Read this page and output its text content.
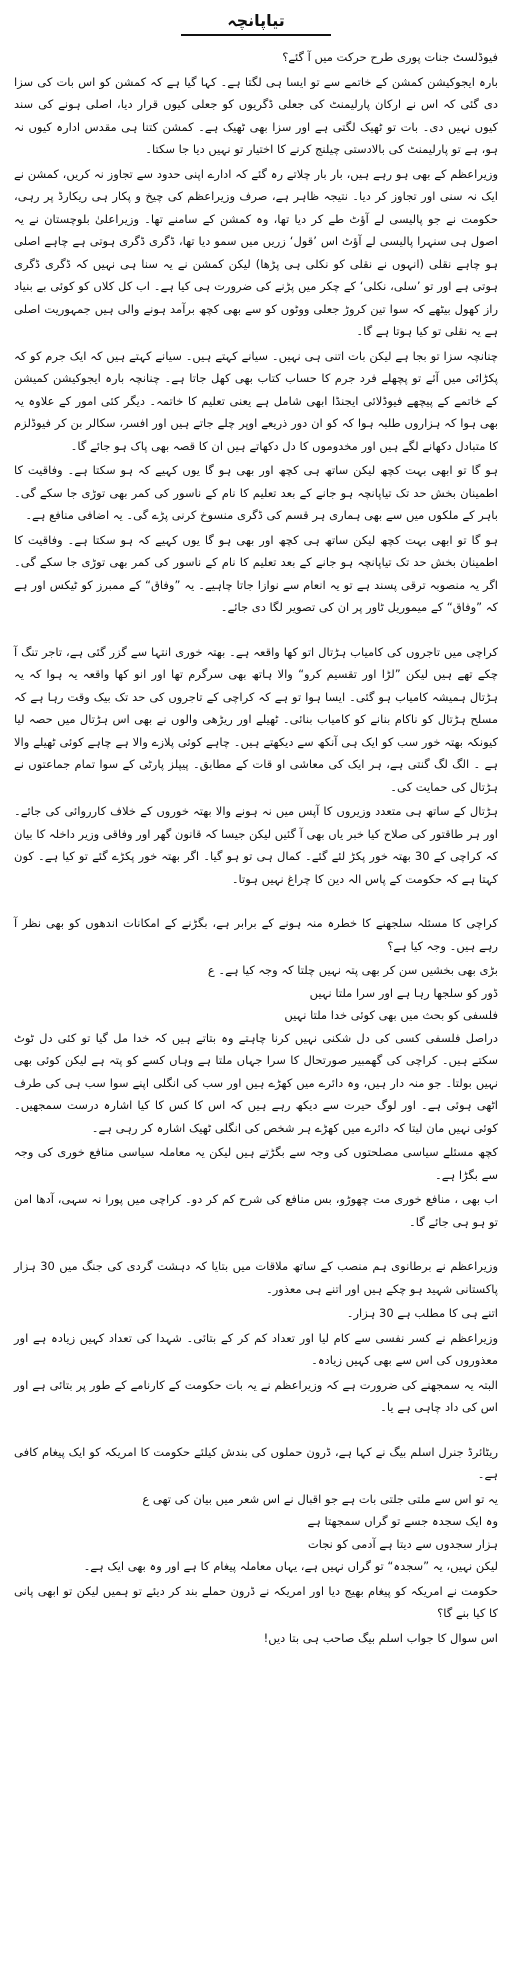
تیاپانچہ

فیوڈلسٹ جنات پوری طرح حرکت میں آ گئے؟

بارہ ایجوکیشن کمشن کے خاتمے سے تو ایسا ہی لگتا ہے۔ کہا گیا ہے کہ کمشن کو اس بات کی سزا دی گئی کہ اس نے ارکان پارلیمنٹ کی جعلی ڈگریوں کو جعلی کیوں قرار دیا، اصلی ہونے کی سند کیوں نہیں دی۔ بات تو ٹھیک لگتی ہے اور سزا بھی ٹھیک ہے۔ کمشن کتنا ہی مقدس ادارہ کیوں نہ ہو، ہے تو پارلیمنٹ کی بالادستی چیلنج کرنے کا اختیار تو نہیں دیا جا سکتا۔

وزیراعظم کے بھی ہو رہے ہیں، بار بار چلاتے رہ گئے کہ ادارے اپنی حدود سے تجاوز نہ کریں، کمشن نے ایک نہ سنی اور تجاوز کر دیا۔ نتیجہ ظاہر ہے، صرف وزیراعظم کی چیخ و پکار ہی ریکارڈ پر رہی، حکومت نے جو پالیسی لے آؤٹ طے کر دیا تھا، وہ کمشن کے سامنے تھا۔ وزیراعلیٰ بلوچستان نے یہ اصول ہی سنہرا پالیسی لے آؤٹ اس ’قول‘ زریں میں سمو دیا تھا، ڈگری ڈگری ہوتی ہے چاہے اصلی ہو چاہے نقلی (انہوں نے نقلی کو نکلی ہی پڑھا) لیکن کمشن نے یہ سنا ہی نہیں کہ ڈگری ڈگری ہوتی ہے اور تو ’سلی، نکلی‘ کے چکر میں پڑنے کی ضرورت ہی کیا ہے۔ اب کل کلاں کو کوئی بے بنیاد راز کھول بیٹھے کہ سوا تین کروڑ جعلی ووٹوں کو سے بھی کچھ برآمد ہونے والی ہیں جمہوریت اصلی ہے یہ نقلی تو کیا ہوتا ہے گا۔

چنانچہ سزا تو بجا ہے لیکن بات اتنی ہی نہیں۔ سیانے کہتے ہیں۔ سیانے کہتے ہیں کہ ایک جرم کو کہ پکڑائی میں آئے تو پچھلے فرد جرم کا حساب کتاب بھی کھل جاتا ہے۔ چنانچہ بارہ ایجوکیشن کمیشن کے خاتمے کے پیچھے فیوڈلائی ایجنڈا ابھی شامل ہے یعنی تعلیم کا خاتمہ۔ دیگر کئی امور کے علاوہ یہ بھی ہوا کہ ہزاروں طلبہ ہوا کہ کو ان دور ذریعے اوپر چلے جاتے ہیں اور افسر، سکالر بن کر فیوڈلزم کا متبادل دکھانے لگے ہیں اور مخدوموں کا دل دکھاتے ہیں ان کا قصہ بھی پاک ہو جائے گا۔

ہو گا تو ابھی بہت کچھ لیکن ساتھ ہی کچھ اور بھی ہو گا یوں کہیے کہ ہو سکتا ہے۔ وفاقیت کا اطمینان بخش حد تک تیاپانچہ ہو جانے کے بعد تعلیم کا نام کے ناسور کی کمر بھی توڑی جا سکے گی۔ باہر کے ملکوں میں سے بھی ہماری ہر قسم کی ڈگری منسوخ کرنی پڑے گی۔ یہ اضافی منافع ہے۔

ہو گا تو ابھی بہت کچھ لیکن ساتھ ہی کچھ اور بھی ہو گا یوں کہیے کہ ہو سکتا ہے۔ وفاقیت کا اطمینان بخش حد تک تیاپانچہ ہو جانے کے بعد تعلیم کا نام کے ناسور کی کمر بھی توڑی جا سکے گی۔ اگر یہ منصوبہ ترقی پسند ہے تو یہ انعام سے نوازا جاتا چاہیے۔ یہ ”وفاق“ کے ممبرز کو ٹیکس اور ہے کہ ”وفاق“ کے میموریل ٹاور پر ان کی تصویر لگا دی جائے۔

کراچی میں تاجروں کی کامیاب ہڑتال اتو کھا واقعہ ہے۔ بھتہ خوری انتہا سے گزر گئی ہے، تاجر تنگ آ چکے تھے ہیں لیکن ”لڑا اور تقسیم کرو“ والا ہاتھ بھی سرگرم تھا اور انو کھا واقعہ یہ ہوا کہ یہ ہڑتال ہمیشہ کامیاب ہو گئی۔ ایسا ہوا تو ہے کہ کراچی کے تاجروں کی حد تک بیک وقت رہا ہے کہ مسلح ہڑتال کو ناکام بنانے کو کامیاب بنائی۔ ٹھیلے اور ریڑھی والوں نے بھی اس ہڑتال میں حصہ لیا کیونکہ بھتہ خور سب کو ایک ہی آنکھ سے دیکھتے ہیں۔ چاہے کوئی پلازے والا ہے چاہے کوئی ٹھیلے والا ہے ۔ الگ لگ گنتی ہے، ہر ایک کی معاشی او قات کے مطابق۔ پیپلز پارٹی کے سوا تمام جماعتوں نے ہڑتال کی حمایت کی۔

ہڑتال کے ساتھ ہی متعدد وزیروں کا آپس میں نہ ہونے والا بھتہ خوروں کے خلاف کارروائی کی جائے۔ اور ہر طاقتور کی صلاح کیا خبر یاں بھی آ گئیں لیکن جیسا کہ قانون گھر اور وفاقی وزیر داخلہ کا بیان کہ کراچی کے 30 بھتہ خور پکڑ لئے گئے۔ کمال ہی تو ہو گیا۔ اگر بھتہ خور پکڑے گئے تو کیا ہے۔ کون کہتا ہے کہ حکومت کے پاس الہ دین کا چراغ نہیں ہوتا۔

کراچی کا مسئلہ سلجھنے کا خطرہ منہ ہونے کے برابر ہے، بگڑنے کے امکانات اندھوں کو بھی نظر آ رہے ہیں۔ وجہ کیا ہے؟

بڑی بھی بخشیں سن کر بھی پتہ نہیں چلتا کہ وجہ کیا ہے۔ ع

ڈور کو سلجھا رہا ہے اور سرا ملتا نہیں

فلسفی کو بحث میں بھی کوئی خدا ملتا نہیں

دراصل فلسفی کسی کی دل شکنی نہیں کرنا چاہتے وہ بتاتے ہیں کہ خدا مل گیا تو کئی دل ٹوٹ سکتے ہیں۔ کراچی کی گھمبیر صورتحال کا سرا جہاں ملتا ہے وہاں کسے کو پتہ ہے لیکن کوئی بھی نہیں بولتا۔ جو منہ دار ہیں، وہ دائرے میں کھڑے ہیں اور سب کی انگلی اپنے سوا سب ہی کی طرف اٹھی ہوئی ہے۔ اور لوگ حیرت سے دیکھ رہے ہیں کہ اس کا کس کا کیا اشارہ درست سمجھیں۔ کوئی نہیں مان لیتا کہ دائرے میں کھڑے ہر شخص کی انگلی ٹھیک اشارہ کر رہی ہے۔

کچھ مسئلے سیاسی مصلحتوں کی وجہ سے بگڑتے ہیں لیکن یہ معاملہ سیاسی منافع خوری کی وجہ سے بگڑا ہے۔

اب بھی ، منافع خوری مت چھوڑو، بس منافع کی شرح کم کر دو۔ کراچی میں پورا نہ سہی، آدھا امن تو ہو ہی جائے گا۔

وزیراعظم نے برطانوی ہم منصب کے ساتھ ملاقات میں بتایا کہ دہشت گردی کی جنگ میں 30 ہزار پاکستانی شہید ہو چکے ہیں اور اتنے ہی معذور۔

اتنے ہی کا مطلب ہے 30 ہزار۔

وزیراعظم نے کسر نفسی سے کام لیا اور تعداد کم کر کے بتائی۔ شہدا کی تعداد کہیں زیادہ ہے اور معذوروں کی اس سے بھی کہیں زیادہ۔

البتہ یہ سمجھنے کی ضرورت ہے کہ وزیراعظم نے یہ بات حکومت کے کارنامے کے طور پر بتائی ہے اور اس کی داد چاہی ہے یا۔

ریٹائرڈ جنرل اسلم بیگ نے کہا ہے، ڈرون حملوں کی بندش کیلئے حکومت کا امریکہ کو ایک پیغام کافی ہے۔

یہ تو اس سے ملتی جلتی بات ہے جو اقبال نے اس شعر میں بیان کی تھی ع

وہ ایک سجدہ جسے تو گراں سمجھتا ہے

ہزار سجدوں سے دیتا ہے آدمی کو نجات

لیکن نہیں، یہ ”سجدہ“ تو گراں نہیں ہے، یہاں معاملہ پیغام کا ہے اور وہ بھی ایک ہے۔

حکومت نے امریکہ کو پیغام بھیج دیا اور امریکہ نے ڈرون حملے بند کر دیئے تو ہمیں لیکن تو ابھی پانی کا کیا بنے گا؟

اس سوال کا جواب اسلم بیگ صاحب ہی بتا دیں!
